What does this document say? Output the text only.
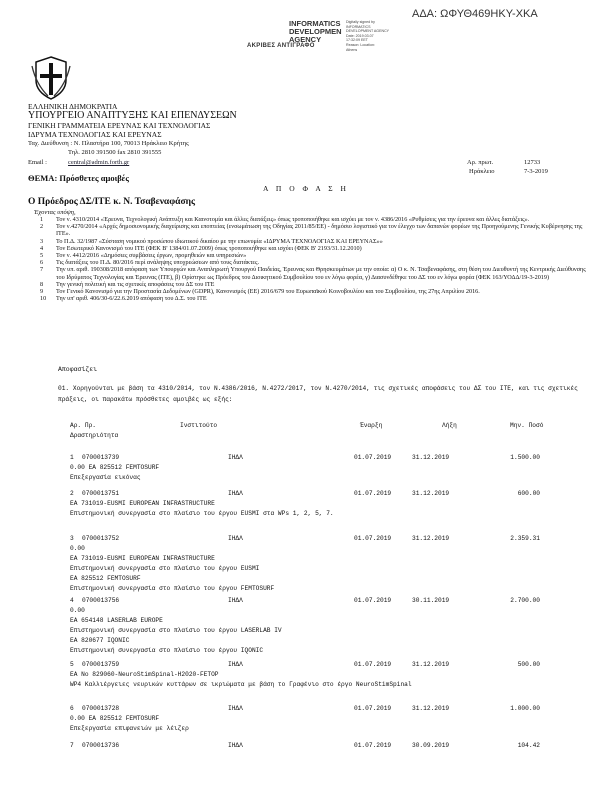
ΑΔΑ: ΩΦΥΘ469ΗΚΥ-ΧΚΑ
INFORMATICS
DEVELOPMEN
AGENCY
Digitally signed by
INFORMATICS
DEVELOPMENT AGENCY
Date: 2019.03.07
17:32:09 EET
Reason: Location:
Athens
ΑΚΡΙΒΕΣ ΑΝΤΙΓΡΑΦΟ
ΕΛΛΗΝΙΚΗ ΔΗΜΟΚΡΑΤΙΑ
ΥΠΟΥΡΓΕΙΟ ΑΝΑΠΤΥΞΗΣ ΚΑΙ ΕΠΕΝΔΥΣΕΩΝ
ΓΕΝΙΚΗ ΓΡΑΜΜΑΤΕΙΑ ΕΡΕΥΝΑΣ ΚΑΙ ΤΕΧΝΟΛΟΓΙΑΣ
ΙΔΡΥΜΑ ΤΕΧΝΟΛΟΓΙΑΣ ΚΑΙ ΕΡΕΥΝΑΣ
Ταχ. Διεύθυνση : Ν. Πλαστήρα 100, 70013 Ηράκλειο Κρήτης
Τηλ. 2810 391500 fax 2810 391555
Email :	central@admin.forth.gr	Αρ. πρωτ.	12733
Ηράκλειο	7-3-2019
ΘΕΜΑ: Πρόσθετες αμοιβές
Α Π Ο Φ Α Σ Η
Ο Πρόεδρος ΔΣ/ΙΤΕ κ. Ν. Τσαβεναφάσης
Έχοντας υπόψη,
1 Τον ν. 4310/2014 «Έρευνα, Τεχνολογική Ανάπτυξη και Καινοτομία και άλλες διατάξεις» όπως τροποποιήθηκε και ισχύει με τον ν. 4386/2016 «Ρυθμίσεις για την έρευνα και άλλες διατάξεις».
2 Τον ν.4270/2014 «Αρχές δημοσιονομικής διαχείρισης και εποπτείας (ενσωμάτωση της Οδηγίας 2011/85/ΕΕ) - δημόσιο λογιστικό για τον έλεγχο των δαπανών φορέων της Προηγούμενης Γενικής Κυβέρνησης της ΙΤΕ».
3 Το Π.Δ. 32/1987 «Σύσταση νομικού προσώπου ιδιωτικού δικαίου με την επωνυμία «ΙΔΡΥΜΑ ΤΕΧΝΟΛΟΓΙΑΣ ΚΑΙ ΕΡΕΥΝΑΣ»»
4 Τον Εσωτερικό Κανονισμό του ΙΤΕ (ΦΕΚ Β' 1384/01.07.2009) όπως τροποποιήθηκε και ισχύει (ΦΕΚ Β' 2193/31.12.2010)
5 Τον ν. 4412/2016 «Δημόσιες συμβάσεις έργων, προμηθειών και υπηρεσιών»
6 Τις διατάξεις του Π.Δ. 80/2016 περί ανάληψης υποχρεώσεων από τους διατάκτες.
7 Την υπ. αριθ. 190308/2018 απόφαση των Υπουργών και Αναπληρωτή Υπουργού Παιδείας, Έρευνας και Θρησκευμάτων με την οποία: α) Ο κ. Ν. Τσαβεναφάσης, στη θέση του Διευθυντή της Κεντρικής Διεύθυνσης του Ιδρύματος Τεχνολογίας και Έρευνας (ΙΤΕ), β) Ορίστηκε ως Πρόεδρος του Διοικητικού Συμβουλίου του εν λόγω φορέα, γ) Διασυνδέθηκε του ΔΣ του εν λόγω φορέα (ΦΕΚ 163/ΥΟΔΔ/19-3-2019)
8 Την γενική πολιτική και τις σχετικές αποφάσεις του ΔΣ του ΙΤΕ
9 Τον Γενικό Κανονισμό για την Προστασία Δεδομένων (GDPR), Κανονισμός (ΕΕ) 2016/679 του Ευρωπαϊκού Κοινοβουλίου και του Συμβουλίου, της 27ης Απριλίου 2016.
10 Την υπ' αριθ. 406/30-6/22.6.2019 απόφαση του Δ.Σ. του ΙΤΕ
Αποφασίζει
01. Χορηγούνται με βάση τα 4310/2014, τον Ν.4386/2016, Ν.4272/2017, τον Ν.4270/2014, τις σχετικές αποφάσεις του ΔΣ του ΙΤΕ, και τις σχετικές πράξεις, οι παρακάτω πρόσθετες αμοιβές ως εξής:
Αρ. Πρ.	Ινστιτούτο	Έναρξη	Λήξη	Μην. Ποσό
Δραστηριότητα
1 0700013739	ΙΗΔΛ	01.07.2019	31.12.2019	1.500.00
0.00 ΕΑ 825512 FEMTOSURF
Επεξεργασία εικόνας
2 0700013751	ΙΗΔΛ	01.07.2019	31.12.2019	600.00
ΕΑ 731019-EUSMI EUROPEAN INFRASTRUCTURE
Επιστημονική συνεργασία στο πλαίσιο του έργου EUSMI στα WPs 1, 2, 5, 7.
3 0700013752	ΙΗΔΛ	01.07.2019	31.12.2019	2.359.31
0.00
ΕΑ 731019-EUSMI EUROPEAN INFRASTRUCTURE
Επιστημονική συνεργασία στο πλαίσιο του έργου EUSMI
ΕΑ 825512 FEMTOSURF
Επιστημονική συνεργασία στο πλαίσιο του έργου FEMTOSURF
4 0700013756	ΙΗΔΛ	01.07.2019	30.11.2019	2.700.00
0.00
ΕΑ 654148 LASERLAB EUROPE
Επιστημονική συνεργασία στο πλαίσιο του έργου LASERLAB IV
ΕΑ 820677 IQONIC
Επιστημονική συνεργασία στο πλαίσιο του έργου IQONIC
5 0700013759	ΙΗΔΛ	01.07.2019	31.12.2019	500.00
ΕΑ Νο 829060-NeuroStimSpinal-H2020-FETOP
WP4 Καλλιέργειες νευρικών κυττάρων σε ικριώματα με βάση το Γραφένιο στο έργο NeuroStimSpinal
6 0700013728	ΙΗΔΛ	01.07.2019	31.12.2019	1.000.00
0.00 ΕΑ 825512 FEMTOSURF
Επεξεργασία επιφανειών με λέιζερ
7 0700013736	ΙΗΔΛ	01.07.2019	30.09.2019	104.42
